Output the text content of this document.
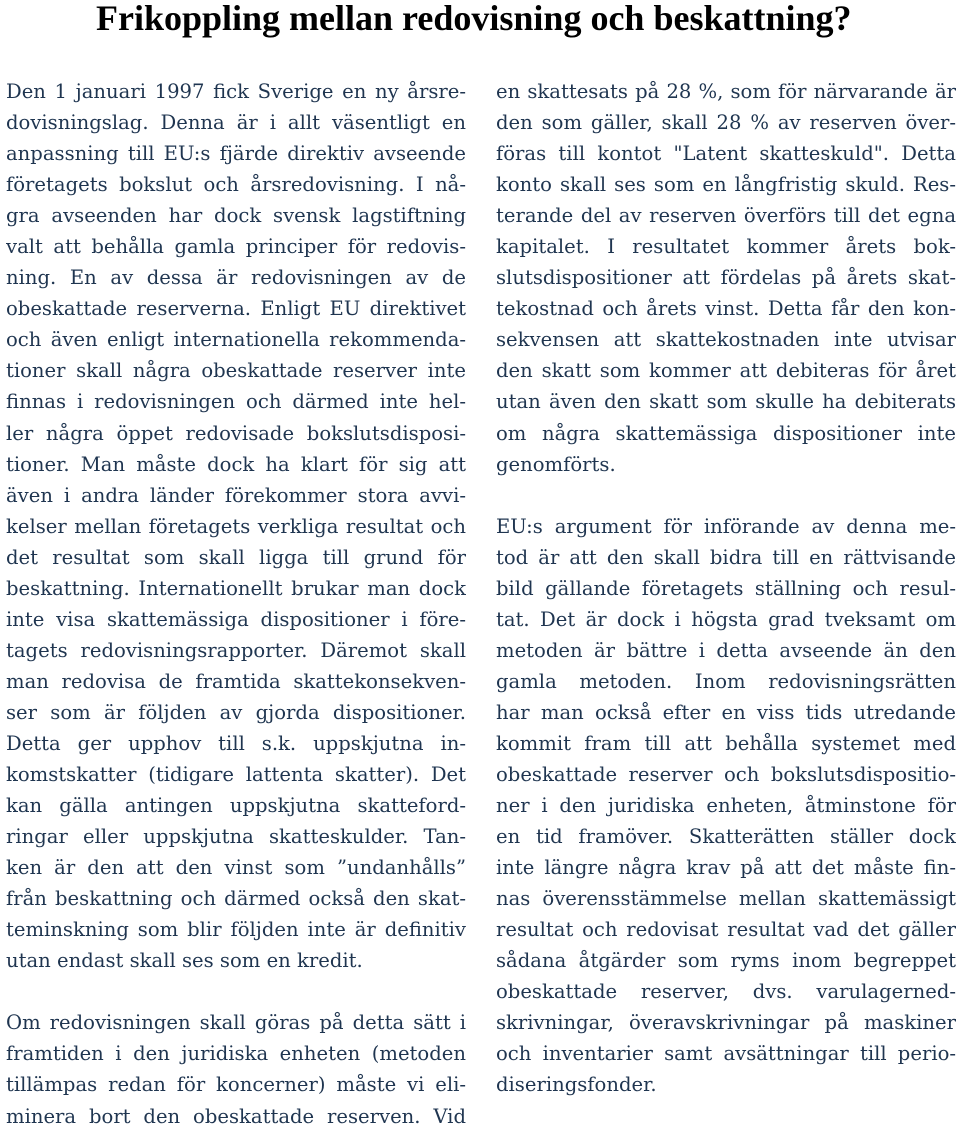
Frikoppling mellan redovisning och beskattning?
Den 1 januari 1997 fick Sverige en ny årsre-
dovisningslag. Denna är i allt väsentligt en
anpassning till EU:s fjärde direktiv avseende
företagets bokslut och årsredovisning. I nå-
gra avseenden har dock svensk lagstiftning
valt att behålla gamla principer för redovis-
ning. En av dessa är redovisningen av de
obeskattade reserverna. Enligt EU direktivet
och även enligt internationella rekommenda-
tioner skall några obeskattade reserver inte
finnas i redovisningen och därmed inte hel-
ler några öppet redovisade bokslutsdisposi-
tioner. Man måste dock ha klart för sig att
även i andra länder förekommer stora avvi-
kelser mellan företagets verkliga resultat och
det resultat som skall ligga till grund för
beskattning. Internationellt brukar man dock
inte visa skattemässiga dispositioner i före-
tagets redovisningsrapporter. Däremot skall
man redovisa de framtida skattekonsekven-
ser som är följden av gjorda dispositioner.
Detta ger upphov till s.k. uppskjutna in-
komstskatter (tidigare lattenta skatter). Det
kan gälla antingen uppskjutna skatteford-
ringar eller uppskjutna skatteskulder. Tan-
ken är den att den vinst som ”undanhålls”
från beskattning och därmed också den skat-
teminskning som blir följden inte är definitiv
utan endast skall ses som en kredit.
Om redovisningen skall göras på detta sätt i
framtiden i den juridiska enheten (metoden
tillämpas redan för koncerner) måste vi eli-
minera bort den obeskattade reserven. Vid
en skattesats på 28 %, som för närvarande är
den som gäller, skall 28 % av reserven över-
föras till kontot "Latent skatteskuld". Detta
konto skall ses som en långfristig skuld. Res-
terande del av reserven överförs till det egna
kapitalet. I resultatet kommer årets bok-
slutsdispositioner att fördelas på årets skat-
tekostnad och årets vinst. Detta får den kon-
sekvensen att skattekostnaden inte utvisar
den skatt som kommer att debiteras för året
utan även den skatt som skulle ha debiterats
om några skattemässiga dispositioner inte
genomförts.
EU:s argument för införande av denna me-
tod är att den skall bidra till en rättvisande
bild gällande företagets ställning och resul-
tat. Det är dock i högsta grad tveksamt om
metoden är bättre i detta avseende än den
gamla metoden. Inom redovisningsrätten
har man också efter en viss tids utredande
kommit fram till att behålla systemet med
obeskattade reserver och bokslutsdispositio-
ner i den juridiska enheten, åtminstone för
en tid framöver. Skatterätten ställer dock
inte längre några krav på att det måste fin-
nas överensstämmelse mellan skattemässigt
resultat och redovisat resultat vad det gäller
sådana åtgärder som ryms inom begreppet
obeskattade reserver, dvs. varulagerned-
skrivningar, överavskrivningar på maskiner
och inventarier samt avsättningar till perio-
diseringsfonder.
